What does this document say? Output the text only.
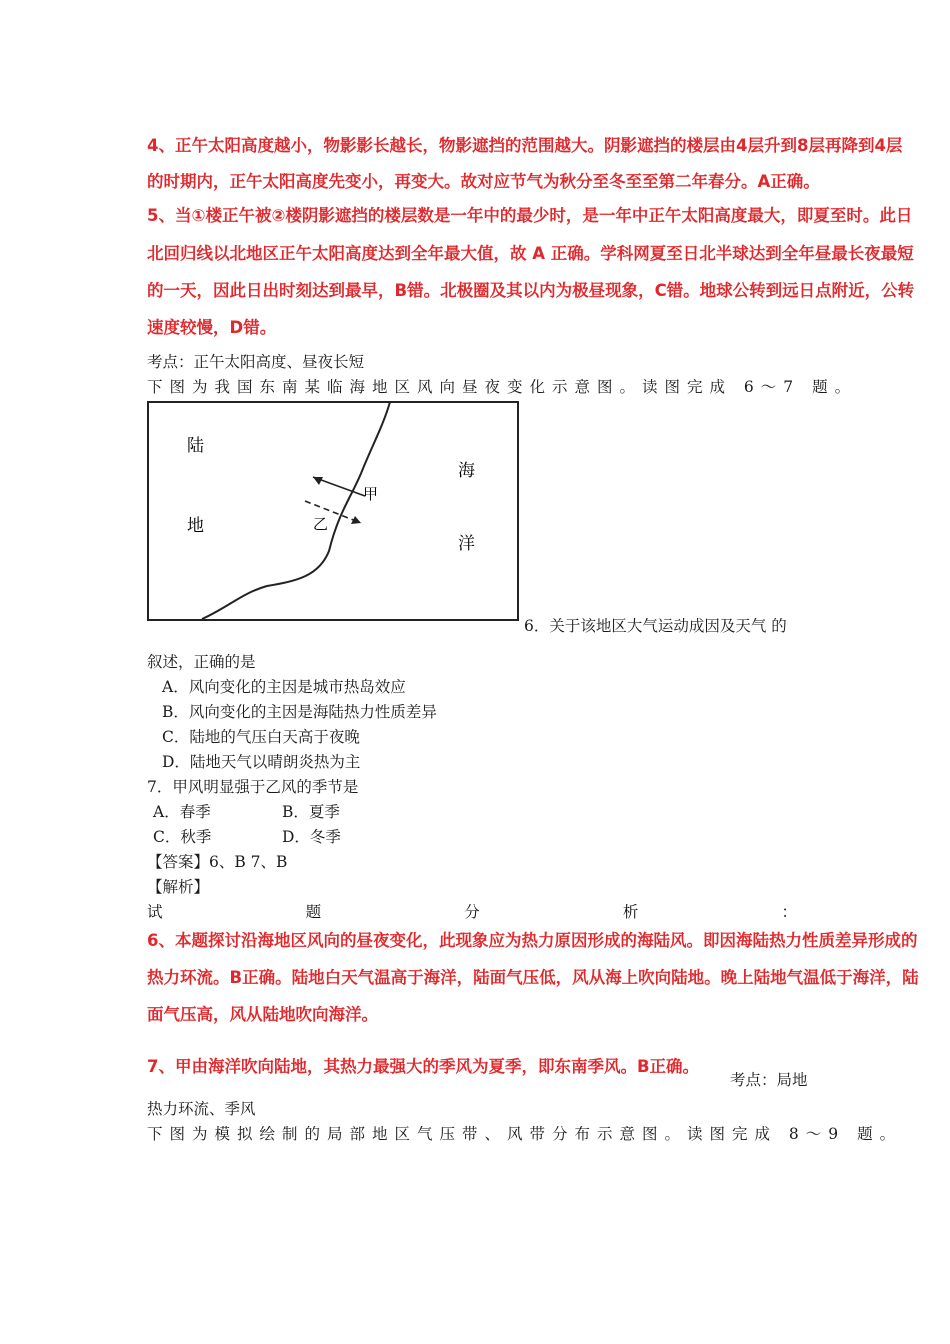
4、正午太阳高度越小，物影影长越长，物影遮挡的范围越大。阴影遮挡的楼层由4层升到8层再降到4层
的时期内，正午太阳高度先变小，再变大。故对应节气为秋分至冬至至第二年春分。A正确。
5、当①楼正午被②楼阴影遮挡的楼层数是一年中的最少时，是一年中正午太阳高度最大，即夏至时。此日
北回归线以北地区正午太阳高度达到全年最大值，故 A 正确。学科网夏至日北半球达到全年昼最长夜最短
的一天，因此日出时刻达到最早，B错。北极圈及其以内为极昼现象，C错。地球公转到远日点附近，公转
速度较慢，D错。
考点：正午太阳高度、昼夜长短
下图为我国东南某临海地区风向昼夜变化示意图。读图完成 6～7 题。
陆
地
海
洋
甲
乙
6．关于该地区大气运动成因及天气 的
叙述，正确的是
A．风向变化的主因是城市热岛效应
B．风向变化的主因是海陆热力性质差异
C．陆地的气压白天高于夜晚
D．陆地天气以晴朗炎热为主
7．甲风明显强于乙风的季节是
A．春季	B．夏季
C．秋季	D．冬季
【答案】6、B 7、B
【解析】
试	题	分	析	：
6、本题探讨沿海地区风向的昼夜变化，此现象应为热力原因形成的海陆风。即因海陆热力性质差异形成的
热力环流。B正确。陆地白天气温高于海洋，陆面气压低，风从海上吹向陆地。晚上陆地气温低于海洋，陆
面气压高，风从陆地吹向海洋。
7、甲由海洋吹向陆地，其热力最强大的季风为夏季，即东南季风。B正确。
考点：局地
热力环流、季风
下图为模拟绘制的局部地区气压带、风带分布示意图。读图完成 8～9 题。
